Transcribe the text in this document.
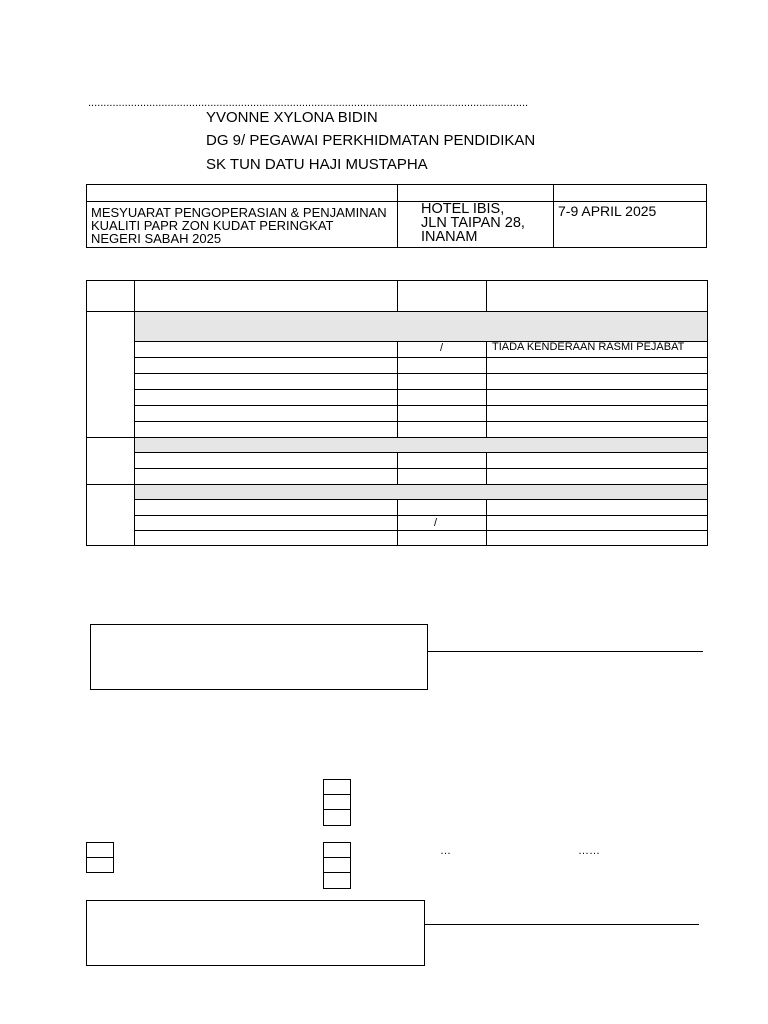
................................................................................................................................................
YVONNE XYLONA BIDIN
DG 9/ PEGAWAI PERKHIDMATAN PENDIDIKAN
SK TUN DATU HAJI MUSTAPHA
MESYUARAT PENGOPERASIAN & PENJAMINAN
KUALITI PAPR ZON KUDAT PERINGKAT
NEGERI SABAH 2025
HOTEL IBIS,
JLN TAIPAN 28,
INANAM
7-9 APRIL 2025
/	TIADA KENDERAAN RASMI PEJABAT
/
…	……
